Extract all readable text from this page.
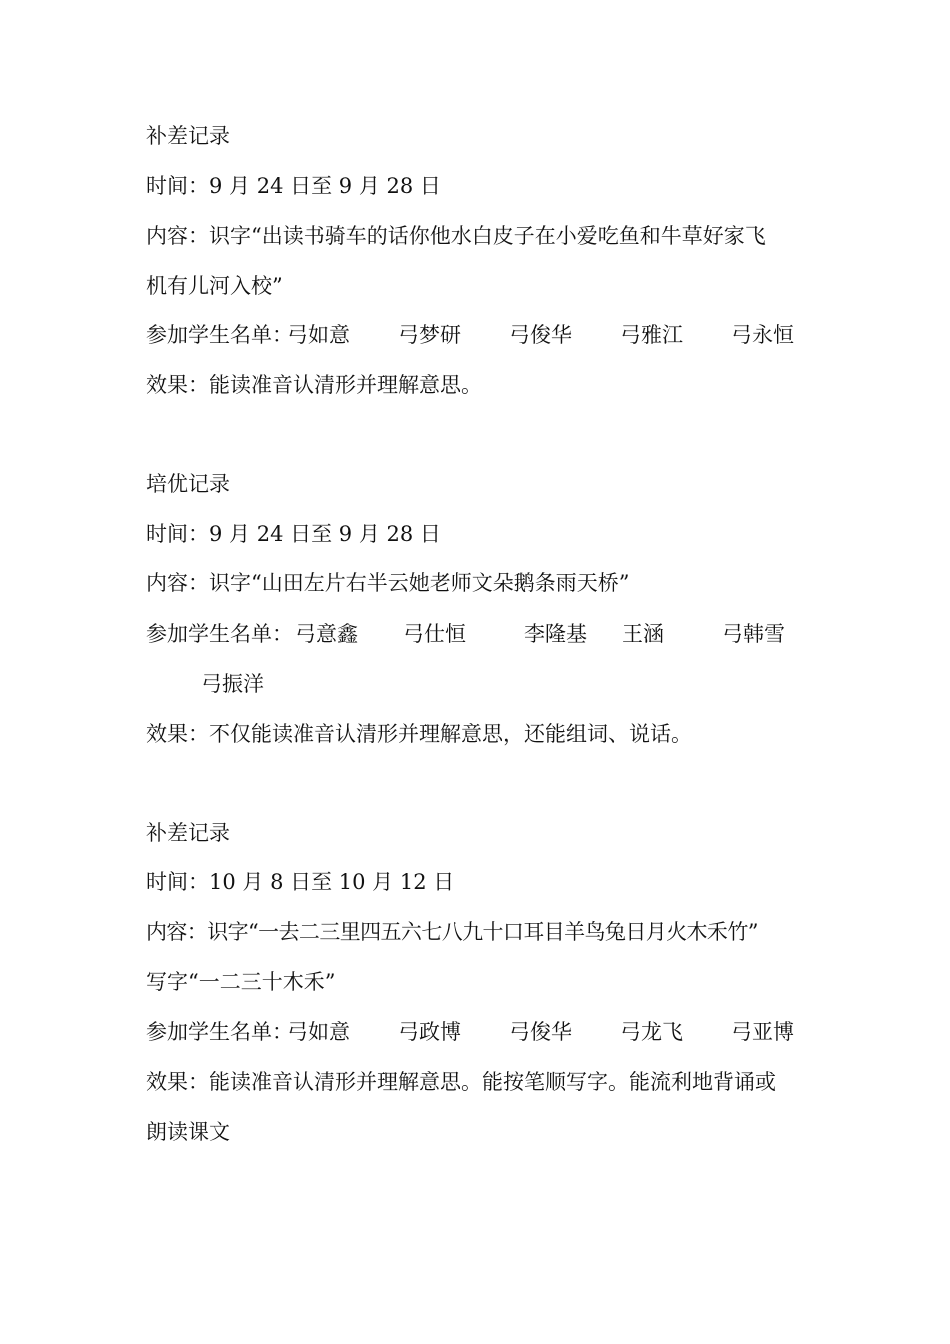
补差记录
时间：9 月 24 日至 9 月 28 日
内容：识字“出读书骑车的话你他水白皮子在小爱吃鱼和牛草好家飞
机有儿河入校”
参加学生名单：弓如意 弓梦研 弓俊华 弓雅江 弓永恒
效果：能读准音认清形并理解意思。
培优记录
时间：9 月 24 日至 9 月 28 日
内容：识字“山田左片右半云她老师文朵鹅条雨天桥”
参加学生名单：弓意鑫 弓仕恒	李隆基 王涵	弓韩雪
弓振洋
效果：不仅能读准音认清形并理解意思，还能组词、说话。
补差记录
时间：10 月 8 日至 10 月 12 日
内容：识字“一去二三里四五六七八九十口耳目羊鸟兔日月火木禾竹”
写字“一二三十木禾”
参加学生名单：弓如意 弓政博 弓俊华 弓龙飞 弓亚博
效果：能读准音认清形并理解意思。能按笔顺写字。能流利地背诵或
朗读课文
